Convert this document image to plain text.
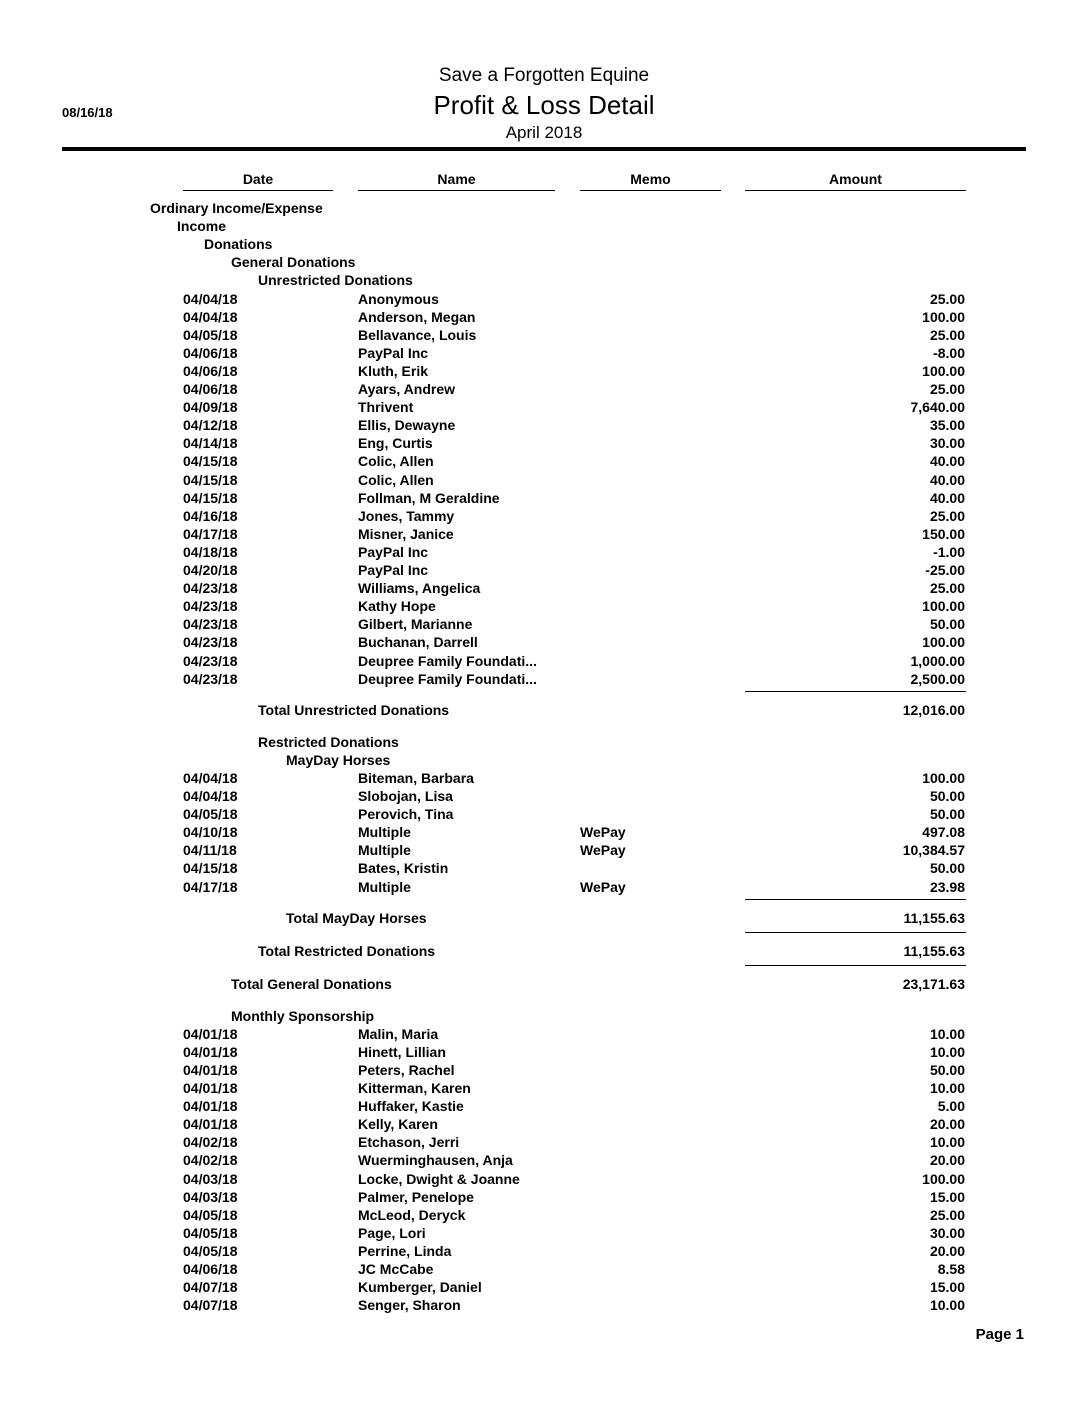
Save a Forgotten Equine
Profit & Loss Detail
April 2018
08/16/18
Date	Name	Memo	Amount
Ordinary Income/Expense
Income
Donations
General Donations
Unrestricted Donations
04/04/18	Anonymous	25.00
04/04/18	Anderson, Megan	100.00
04/05/18	Bellavance, Louis	25.00
04/06/18	PayPal Inc	-8.00
04/06/18	Kluth, Erik	100.00
04/06/18	Ayars, Andrew	25.00
04/09/18	Thrivent	7,640.00
04/12/18	Ellis, Dewayne	35.00
04/14/18	Eng, Curtis	30.00
04/15/18	Colic, Allen	40.00
04/15/18	Colic, Allen	40.00
04/15/18	Follman, M Geraldine	40.00
04/16/18	Jones, Tammy	25.00
04/17/18	Misner, Janice	150.00
04/18/18	PayPal Inc	-1.00
04/20/18	PayPal Inc	-25.00
04/23/18	Williams, Angelica	25.00
04/23/18	Kathy Hope	100.00
04/23/18	Gilbert, Marianne	50.00
04/23/18	Buchanan, Darrell	100.00
04/23/18	Deupree Family Foundati...	1,000.00
04/23/18	Deupree Family Foundati...	2,500.00
Total Unrestricted Donations	12,016.00
Restricted Donations
MayDay Horses
04/04/18	Biteman, Barbara	100.00
04/04/18	Slobojan, Lisa	50.00
04/05/18	Perovich, Tina	50.00
04/10/18	Multiple	WePay	497.08
04/11/18	Multiple	WePay	10,384.57
04/15/18	Bates, Kristin	50.00
04/17/18	Multiple	WePay	23.98
Total MayDay Horses	11,155.63
Total Restricted Donations	11,155.63
Total General Donations	23,171.63
Monthly Sponsorship
04/01/18	Malin, Maria	10.00
04/01/18	Hinett, Lillian	10.00
04/01/18	Peters, Rachel	50.00
04/01/18	Kitterman, Karen	10.00
04/01/18	Huffaker, Kastie	5.00
04/01/18	Kelly, Karen	20.00
04/02/18	Etchason, Jerri	10.00
04/02/18	Wuerminghausen, Anja	20.00
04/03/18	Locke, Dwight & Joanne	100.00
04/03/18	Palmer, Penelope	15.00
04/05/18	McLeod, Deryck	25.00
04/05/18	Page, Lori	30.00
04/05/18	Perrine, Linda	20.00
04/06/18	JC McCabe	8.58
04/07/18	Kumberger, Daniel	15.00
04/07/18	Senger, Sharon	10.00
Page 1
